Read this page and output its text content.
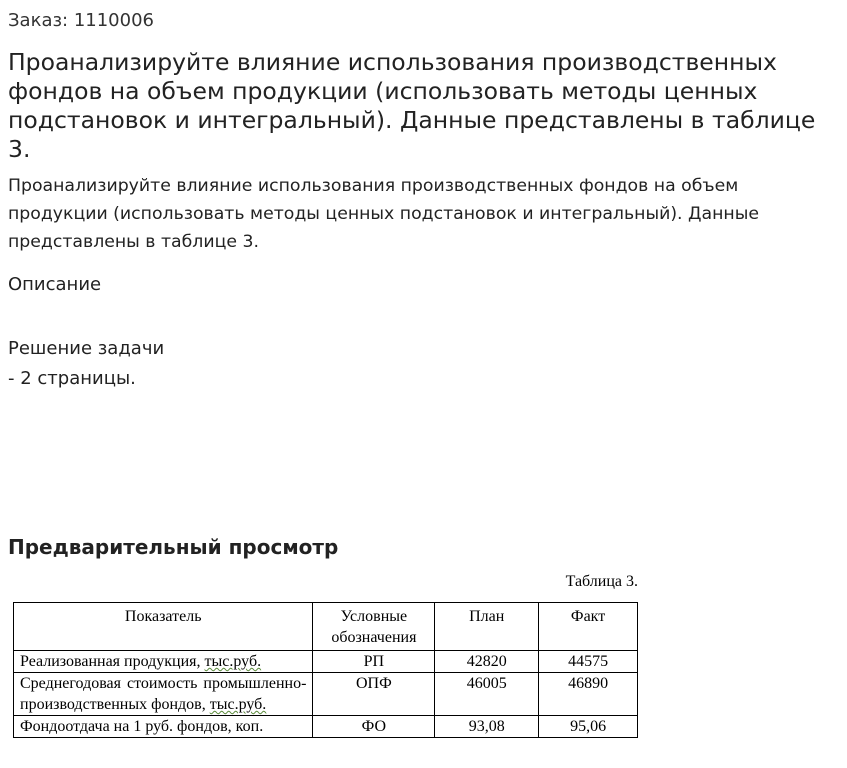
Заказ: 1110006
Проанализируйте влияние использования производственных фондов на объем продукции (использовать методы ценных подстановок и интегральный). Данные представлены в таблице 3.
Проанализируйте влияние использования производственных фондов на объем продукции (использовать методы ценных подстановок и интегральный). Данные представлены в таблице 3.
Описание
Решение задачи
- 2 страницы.
Предварительный просмотр
Таблица 3.
Показатель	Условные обозначения	План	Факт
Реализованная продукция, тыс.руб.	РП	42820	44575
Среднегодовая стоимость промышленно-производственных фондов, тыс.руб.	ОПФ	46005	46890
Фондоотдача на 1 руб. фондов, коп.	ФО	93,08	95,06
